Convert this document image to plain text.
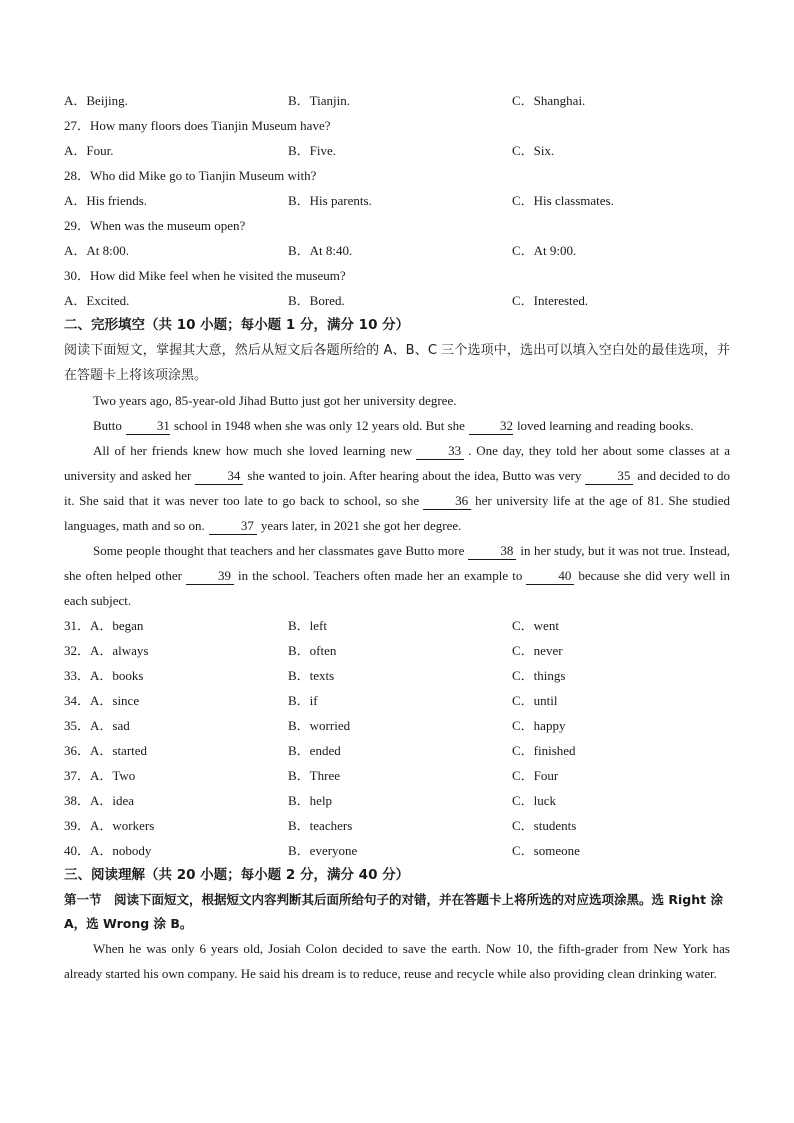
A．Beijing.	B．Tianjin.	C．Shanghai.
27．How many floors does Tianjin Museum have?
A．Four.	B．Five.	C．Six.
28．Who did Mike go to Tianjin Museum with?
A．His friends.	B．His parents.	C．His classmates.
29．When was the museum open?
A．At 8:00.	B．At 8:40.	C．At 9:00.
30．How did Mike feel when he visited the museum?
A．Excited.	B．Bored.	C．Interested.
二、完形填空（共 10 小题；每小题 1 分，满分 10 分）
阅读下面短文，掌握其大意，然后从短文后各题所给的 A、B、C 三个选项中，选出可以填入空白处的最佳选项，并在答题卡上将该项涂黑。
Two years ago, 85-year-old Jihad Butto just got her university degree.
Butto	31 school in 1948 when she was only 12 years old. But she	32 loved learning and reading books.
All of her friends knew how much she loved learning new	33 . One day, they told her about some classes at a university and asked her	34 she wanted to join. After hearing about the idea, Butto was very	35 and decided to do it. She said that it was never too late to go back to school, so she	36 her university life at the age of 81. She studied languages, math and so on.	37 years later, in 2021 she got her degree.
Some people thought that teachers and her classmates gave Butto more	38 in her study, but it was not true. Instead, she often helped other	39 in the school. Teachers often made her an example to	40 because she did very well in each subject.
31．A．began	B．left	C．went
32．A．always	B．often	C．never
33．A．books	B．texts	C．things
34．A．since	B．if	C．until
35．A．sad	B．worried	C．happy
36．A．started	B．ended	C．finished
37．A．Two	B．Three	C．Four
38．A．idea	B．help	C．luck
39．A．workers	B．teachers	C．students
40．A．nobody	B．everyone	C．someone
三、阅读理解（共 20 小题；每小题 2 分，满分 40 分）
第一节　阅读下面短文，根据短文内容判断其后面所给句子的对错，并在答题卡上将所选的对应选项涂黑。选 Right 涂 A，选 Wrong 涂 B。
When he was only 6 years old, Josiah Colon decided to save the earth. Now 10, the fifth-grader from New York has already started his own company. He said his dream is to reduce, reuse and recycle while also providing clean drinking water.
